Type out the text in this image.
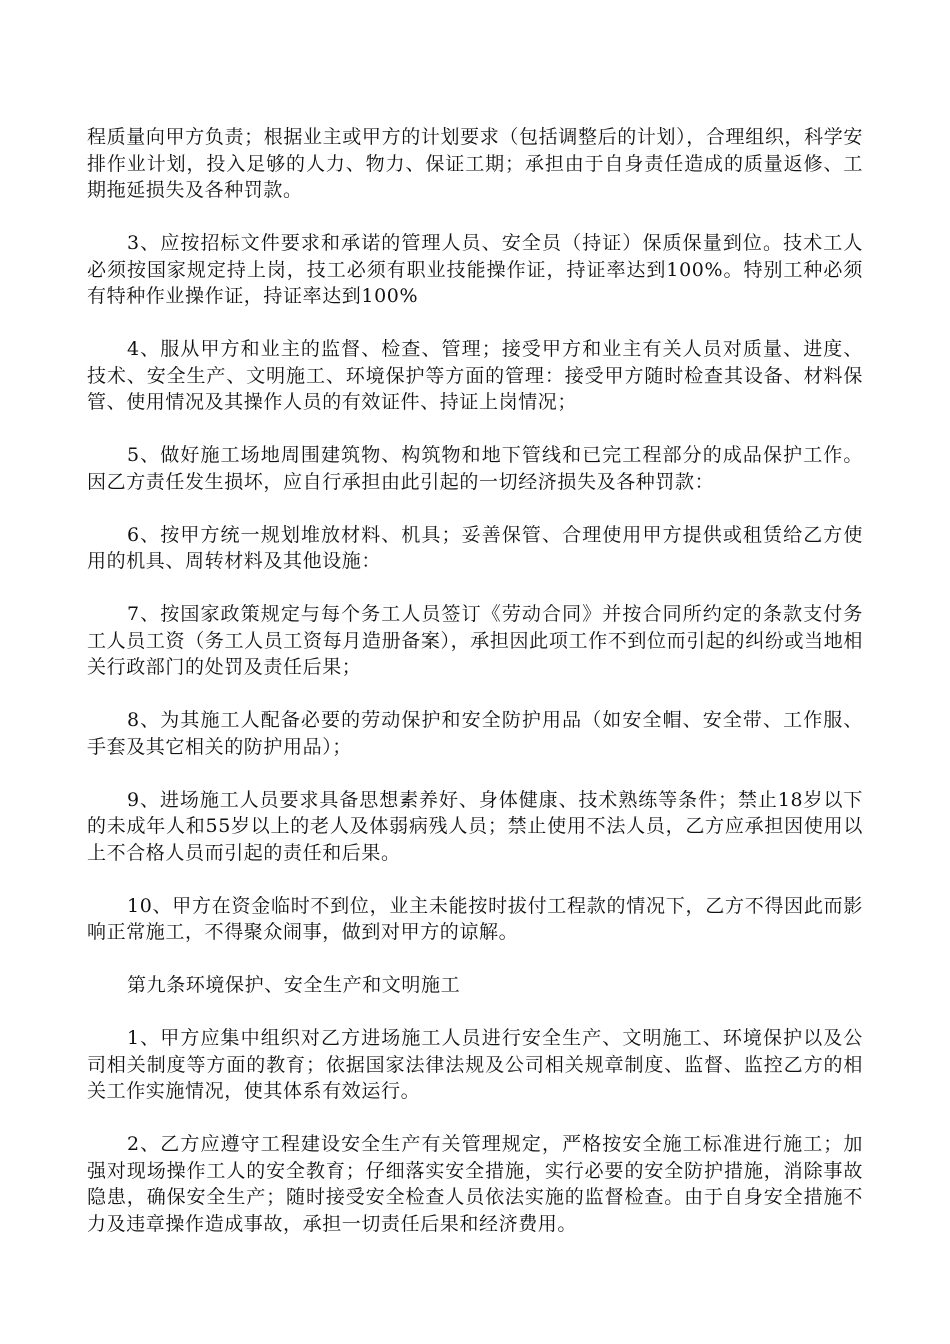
程质量向甲方负责；根据业主或甲方的计划要求（包括调整后的计划），合理组织，科学安排作业计划，投入足够的人力、物力、保证工期；承担由于自身责任造成的质量返修、工期拖延损失及各种罚款。

3、应按招标文件要求和承诺的管理人员、安全员（持证）保质保量到位。技术工人必须按国家规定持上岗，技工必须有职业技能操作证，持证率达到100%。特别工种必须有特种作业操作证，持证率达到100%

4、服从甲方和业主的监督、检查、管理；接受甲方和业主有关人员对质量、进度、技术、安全生产、文明施工、环境保护等方面的管理：接受甲方随时检查其设备、材料保管、使用情况及其操作人员的有效证件、持证上岗情况；

5、做好施工场地周围建筑物、构筑物和地下管线和已完工程部分的成品保护工作。因乙方责任发生损坏，应自行承担由此引起的一切经济损失及各种罚款：

6、按甲方统一规划堆放材料、机具；妥善保管、合理使用甲方提供或租赁给乙方使用的机具、周转材料及其他设施：

7、按国家政策规定与每个务工人员签订《劳动合同》并按合同所约定的条款支付务工人员工资（务工人员工资每月造册备案），承担因此项工作不到位而引起的纠纷或当地相关行政部门的处罚及责任后果；

8、为其施工人配备必要的劳动保护和安全防护用品（如安全帽、安全带、工作服、手套及其它相关的防护用品）；

9、进场施工人员要求具备思想素养好、身体健康、技术熟练等条件；禁止18岁以下的未成年人和55岁以上的老人及体弱病残人员；禁止使用不法人员，乙方应承担因使用以上不合格人员而引起的责任和后果。

10、甲方在资金临时不到位，业主未能按时拔付工程款的情况下，乙方不得因此而影响正常施工，不得聚众闹事，做到对甲方的谅解。

第九条环境保护、安全生产和文明施工

1、甲方应集中组织对乙方进场施工人员进行安全生产、文明施工、环境保护以及公司相关制度等方面的教育；依据国家法律法规及公司相关规章制度、监督、监控乙方的相关工作实施情况，使其体系有效运行。

2、乙方应遵守工程建设安全生产有关管理规定，严格按安全施工标准进行施工；加强对现场操作工人的安全教育；仔细落实安全措施，实行必要的安全防护措施，消除事故隐患，确保安全生产；随时接受安全检查人员依法实施的监督检查。由于自身安全措施不力及违章操作造成事故，承担一切责任后果和经济费用。
